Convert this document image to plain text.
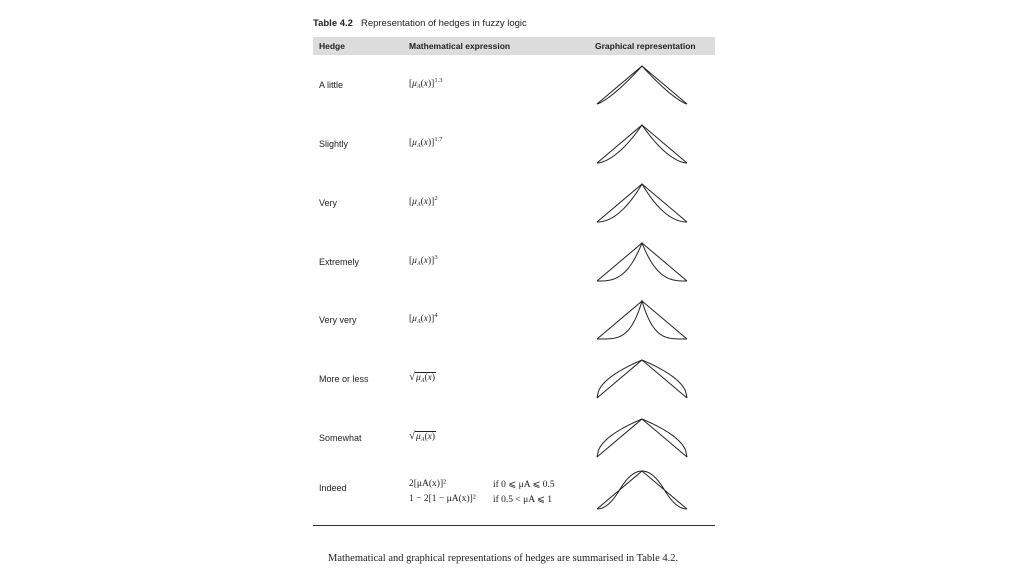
Table 4.2 Representation of hedges in fuzzy logic
Hedge	Mathematical expression	Graphical representation
A little	$[\mu_A(x)]^{1.3}$
Slightly	$[\mu_A(x)]^{1.7}$
Very	$[\mu_A(x)]^2$
Extremely	$[\mu_A(x)]^3$
Very very	$[\mu_A(x)]^4$
More or less	$√\mu_A(x)$
Somewhat	$√\mu_A(x)$
Indeed	2[μA(x)]²	if 0 ⩽ μA ⩽ 0.5
1 − 2[1 − μA(x)]² if 0.5 < μA ⩽ 1

Mathematical and graphical representations of hedges are summarised in Table 4.2.
